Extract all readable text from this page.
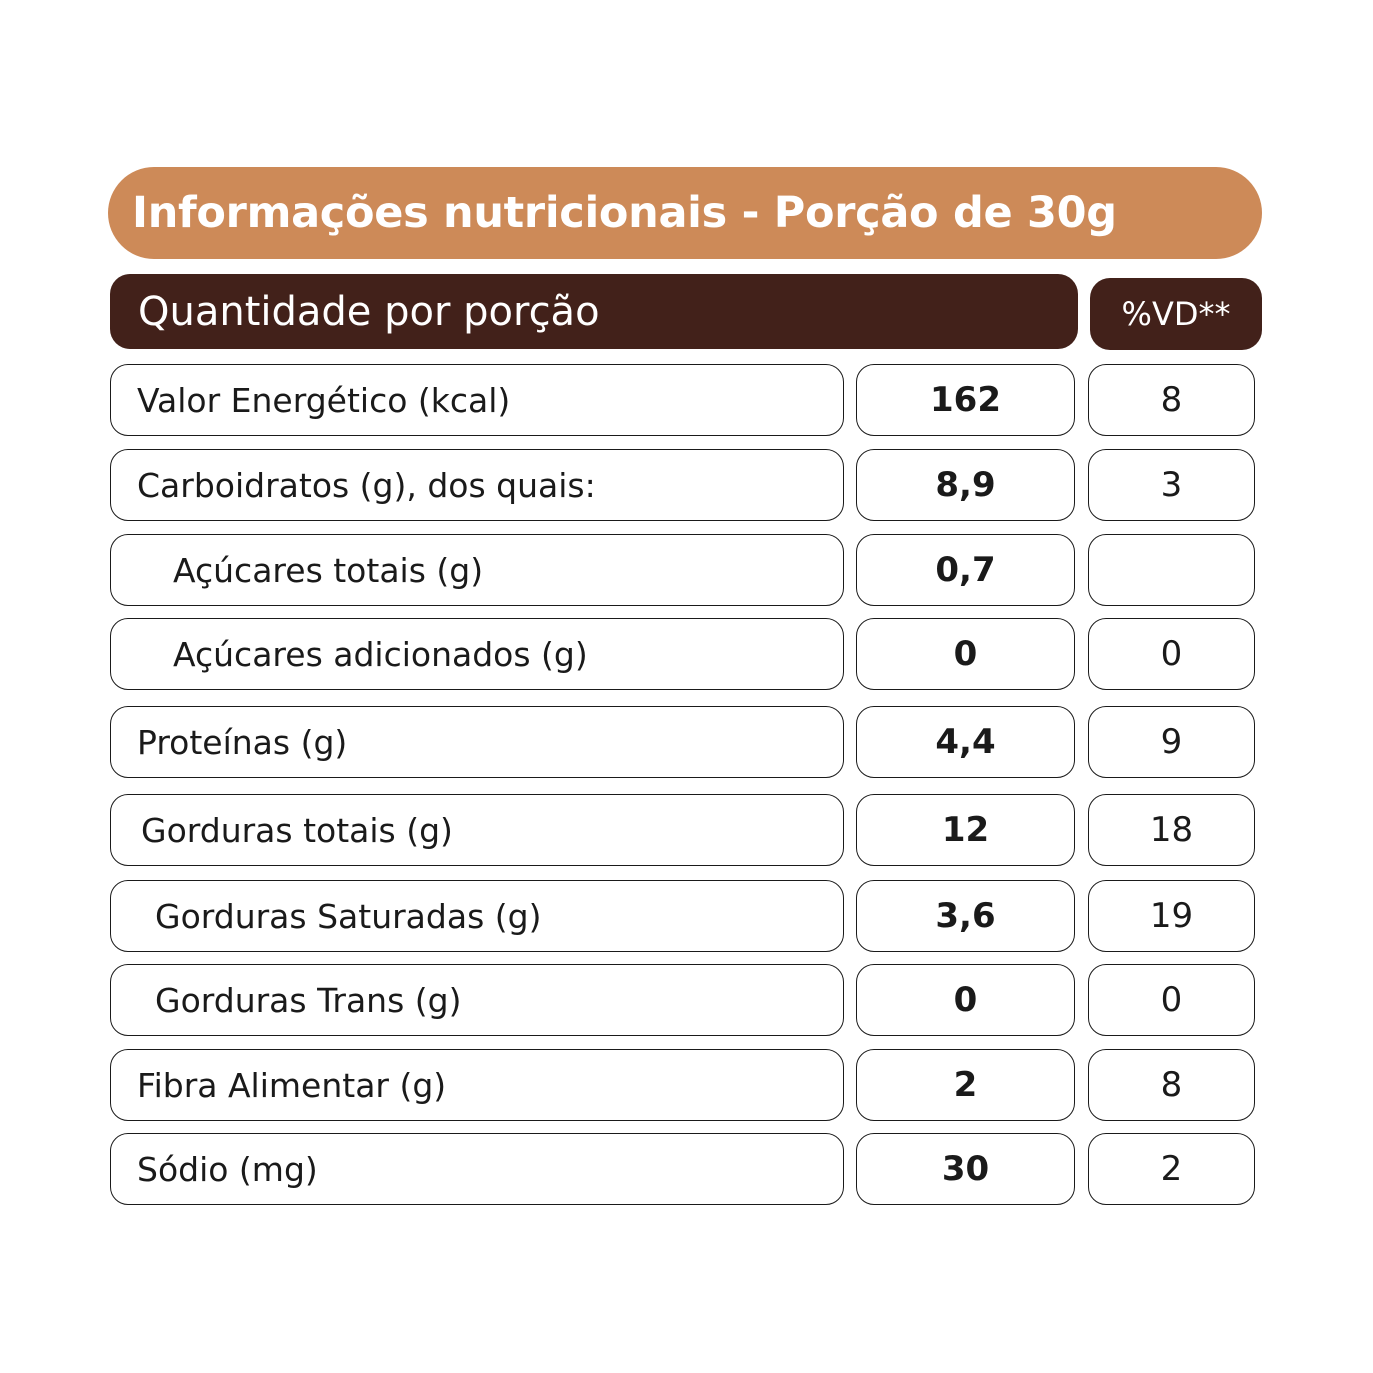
Informações nutricionais - Porção de 30g
Quantidade por porção	%VD**
Valor Energético (kcal)	162	8
Carboidratos (g), dos quais:	8,9	3
Açúcares totais (g)	0,7
Açúcares adicionados (g)	0	0
Proteínas (g)	4,4	9
Gorduras totais (g)	12	18
Gorduras Saturadas (g)	3,6	19
Gorduras Trans (g)	0	0
Fibra Alimentar (g)	2	8
Sódio (mg)	30	2
